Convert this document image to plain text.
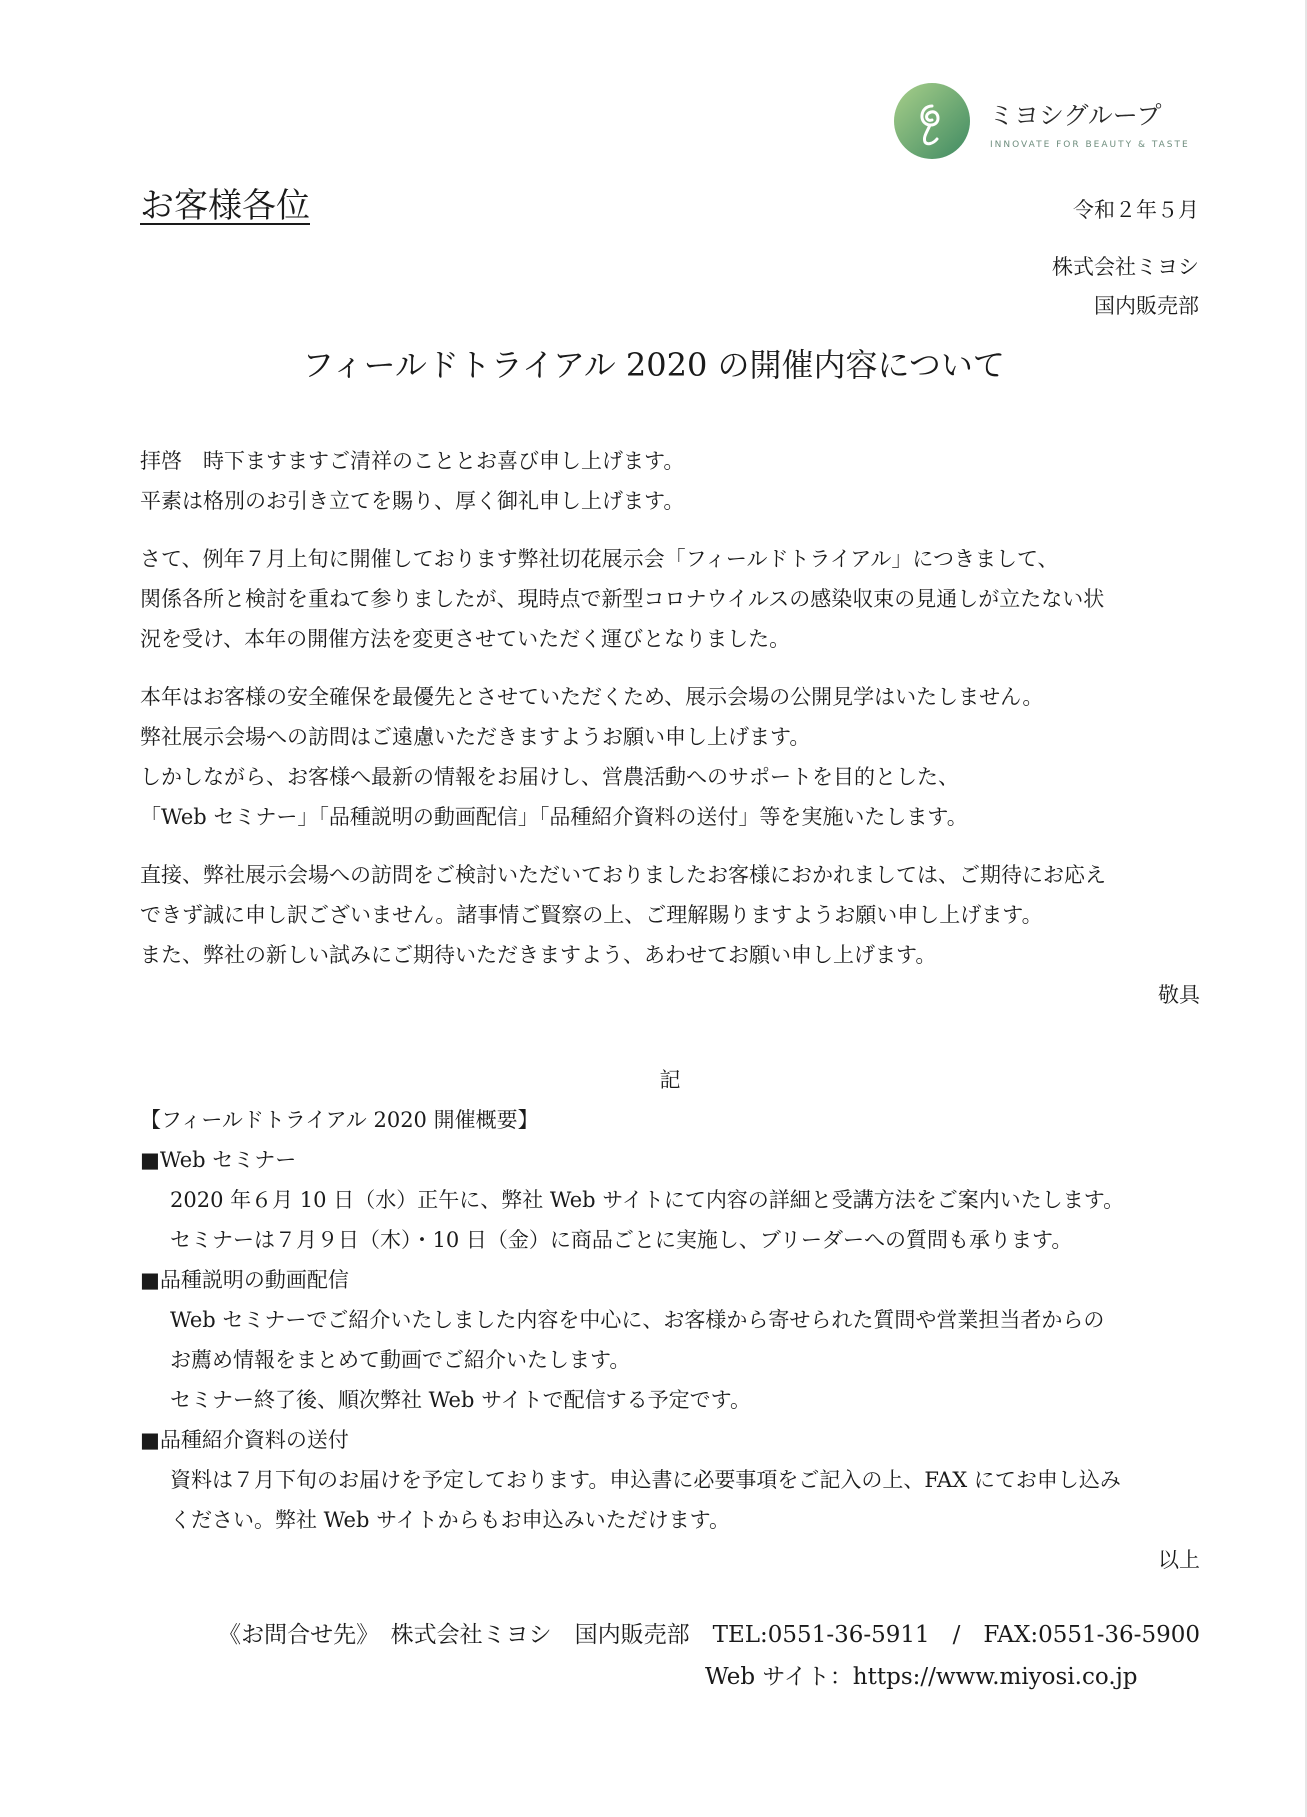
ミヨシグループ
INNOVATE FOR BEAUTY & TASTE
お客様各位	令和２年５月
株式会社ミヨシ
国内販売部
フィールドトライアル 2020 の開催内容について
拝啓　時下ますますご清祥のこととお喜び申し上げます。
平素は格別のお引き立てを賜り、厚く御礼申し上げます。
さて、例年７月上旬に開催しております弊社切花展示会「フィールドトライアル」につきまして、
関係各所と検討を重ねて参りましたが、現時点で新型コロナウイルスの感染収束の見通しが立たない状
況を受け、本年の開催方法を変更させていただく運びとなりました。
本年はお客様の安全確保を最優先とさせていただくため、展示会場の公開見学はいたしません。
弊社展示会場への訪問はご遠慮いただきますようお願い申し上げます。
しかしながら、お客様へ最新の情報をお届けし、営農活動へのサポートを目的とした、
「Web セミナー」「品種説明の動画配信」「品種紹介資料の送付」等を実施いたします。
直接、弊社展示会場への訪問をご検討いただいておりましたお客様におかれましては、ご期待にお応え
できず誠に申し訳ございません。諸事情ご賢察の上、ご理解賜りますようお願い申し上げます。
また、弊社の新しい試みにご期待いただきますよう、あわせてお願い申し上げます。
敬具
記
【フィールドトライアル 2020 開催概要】
■Web セミナー
2020 年６月 10 日（水）正午に、弊社 Web サイトにて内容の詳細と受講方法をご案内いたします。
セミナーは７月９日（木）・10 日（金）に商品ごとに実施し、ブリーダーへの質問も承ります。
■品種説明の動画配信
Web セミナーでご紹介いたしました内容を中心に、お客様から寄せられた質問や営業担当者からの
お薦め情報をまとめて動画でご紹介いたします。
セミナー終了後、順次弊社 Web サイトで配信する予定です。
■品種紹介資料の送付
資料は７月下旬のお届けを予定しております。申込書に必要事項をご記入の上、FAX にてお申し込み
ください。弊社 Web サイトからもお申込みいただけます。
以上
《お問合せ先》　株式会社ミヨシ　国内販売部　TEL:0551-36-5911　/　FAX:0551-36-5900
Web サイト：https://www.miyosi.co.jp
